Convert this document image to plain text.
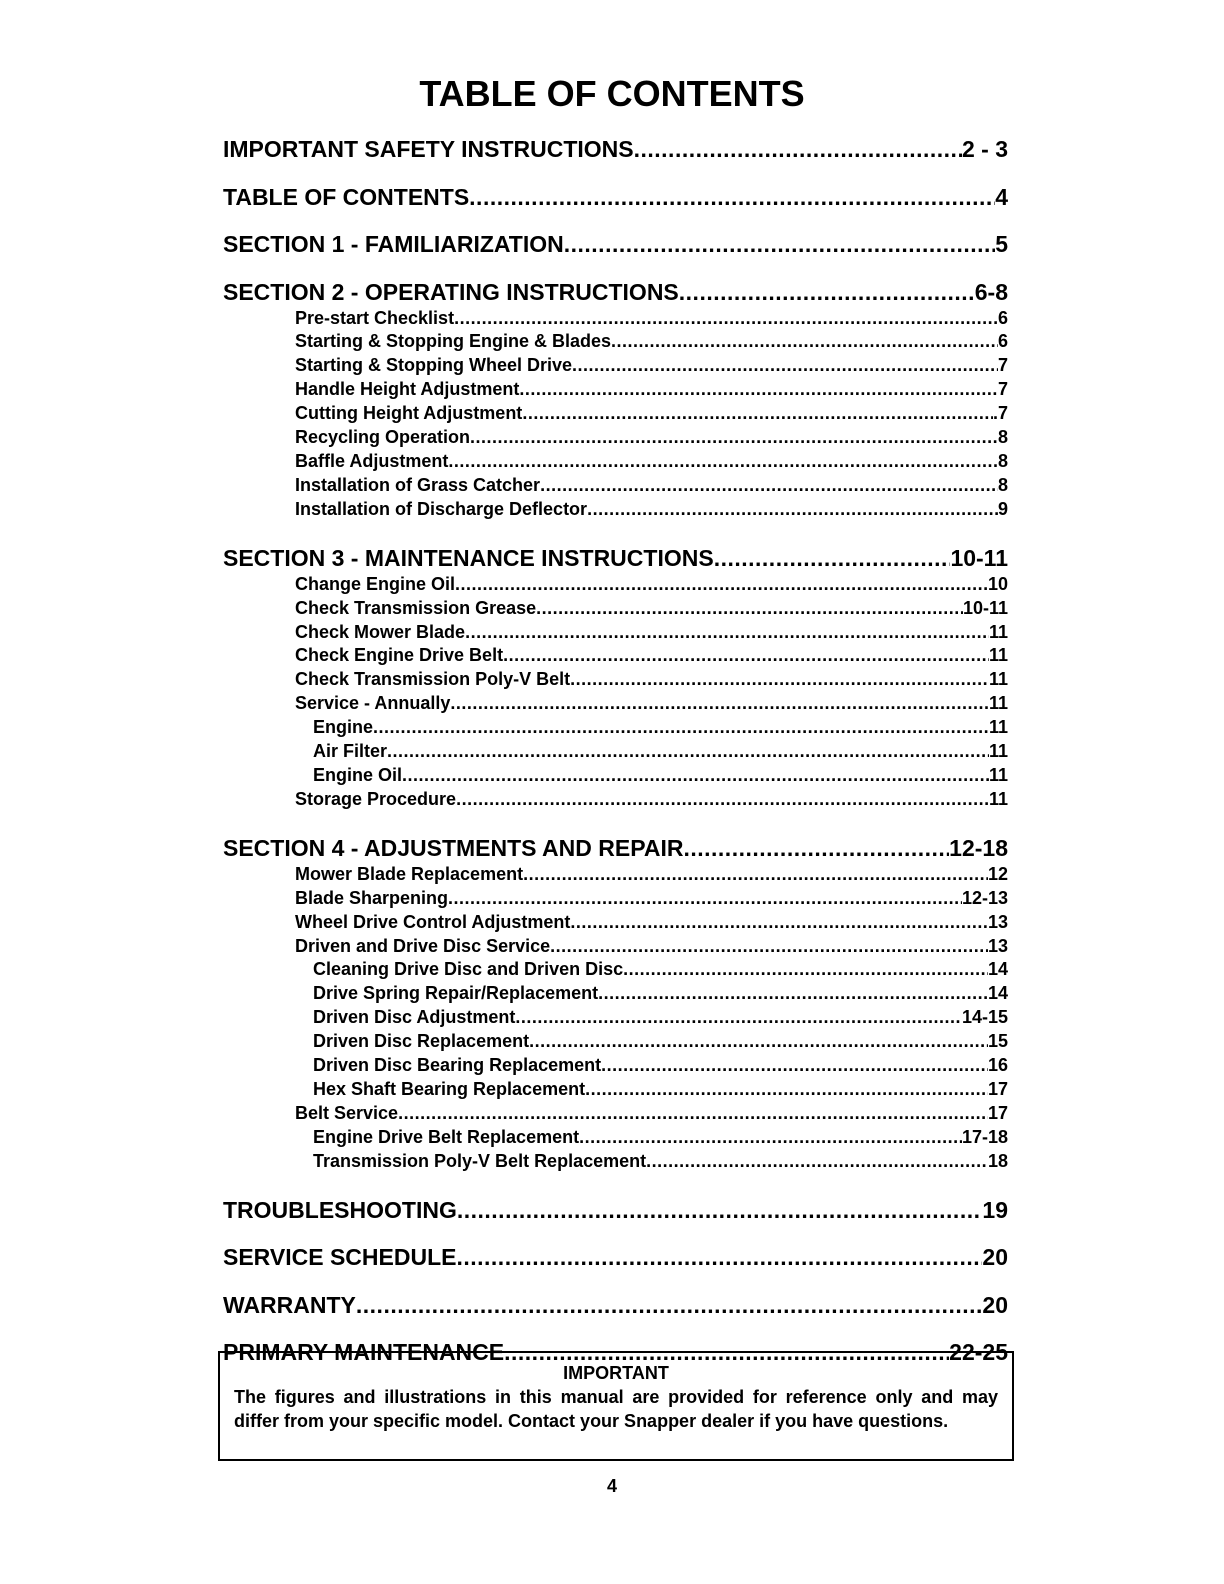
TABLE OF CONTENTS
IMPORTANT SAFETY INSTRUCTIONS .....	2 - 3
TABLE OF CONTENTS .....	4
SECTION 1 - FAMILIARIZATION .....	5
SECTION 2 - OPERATING INSTRUCTIONS .....	6-8
Pre-start Checklist .....	6
Starting & Stopping Engine & Blades .....	6
Starting & Stopping Wheel Drive .....	7
Handle Height Adjustment .....	7
Cutting Height Adjustment .....	.7
Recycling Operation .....	8
Baffle Adjustment .....	8
Installation of Grass Catcher .....	8
Installation of Discharge Deflector .....	9
SECTION 3 - MAINTENANCE INSTRUCTIONS .....	10-11
Change Engine Oil .....	10
Check Transmission Grease .....	10-11
Check Mower Blade .....	11
Check Engine Drive Belt .....	11
Check Transmission Poly-V Belt .....	11
Service - Annually .....	11
Engine .....	11
Air Filter .....	11
Engine Oil .....	11
Storage Procedure .....	11
SECTION 4 - ADJUSTMENTS AND REPAIR .....	12-18
Mower Blade Replacement .....	12
Blade Sharpening .....	12-13
Wheel Drive Control Adjustment .....	13
Driven and Drive Disc Service .....	13
Cleaning Drive Disc and Driven Disc .....	14
Drive Spring Repair/Replacement .....	14
Driven Disc Adjustment .....	14-15
Driven Disc Replacement .....	15
Driven Disc Bearing Replacement .....	16
Hex Shaft Bearing Replacement .....	17
Belt Service .....	17
Engine Drive Belt Replacement .....	17-18
Transmission Poly-V Belt Replacement .....	18
TROUBLESHOOTING .....	19
SERVICE SCHEDULE .....	20
WARRANTY .....	20
PRIMARY MAINTENANCE .....	22-25
IMPORTANT
The figures and illustrations in this manual are provided for reference only and may differ from your specific model. Contact your Snapper dealer if you have questions.
4
